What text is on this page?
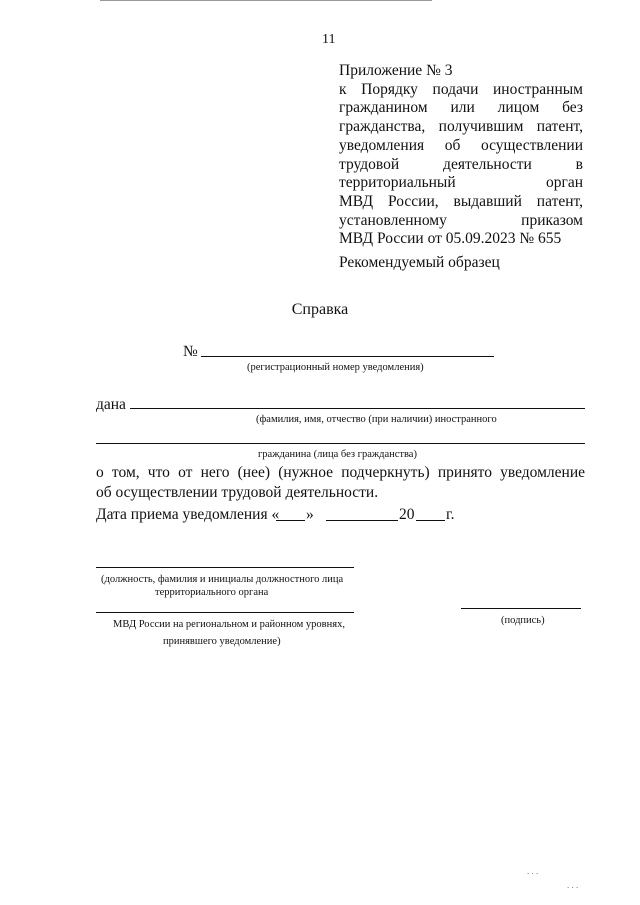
11
Приложение № 3
к Порядку подачи иностранным
гражданином или лицом без
гражданства, получившим патент,
уведомления об осуществлении
трудовой деятельности в
территориальный орган
МВД России, выдавший патент,
установленному приказом
МВД России от 05.09.2023 № 655
Рекомендуемый образец
Справка
№
(регистрационный номер уведомления)
дана
(фамилия, имя, отчество (при наличии) иностранного
гражданина (лица без гражданства)
о том, что от него (нее) (нужное подчеркнуть) принято уведомление
об осуществлении трудовой деятельности.
Дата приема уведомления « »	20 г.
(должность, фамилия и инициалы должностного лица
территориального органа
МВД России на региональном и районном уровнях,
принявшего уведомление)
(подпись)
. . .
. . .
